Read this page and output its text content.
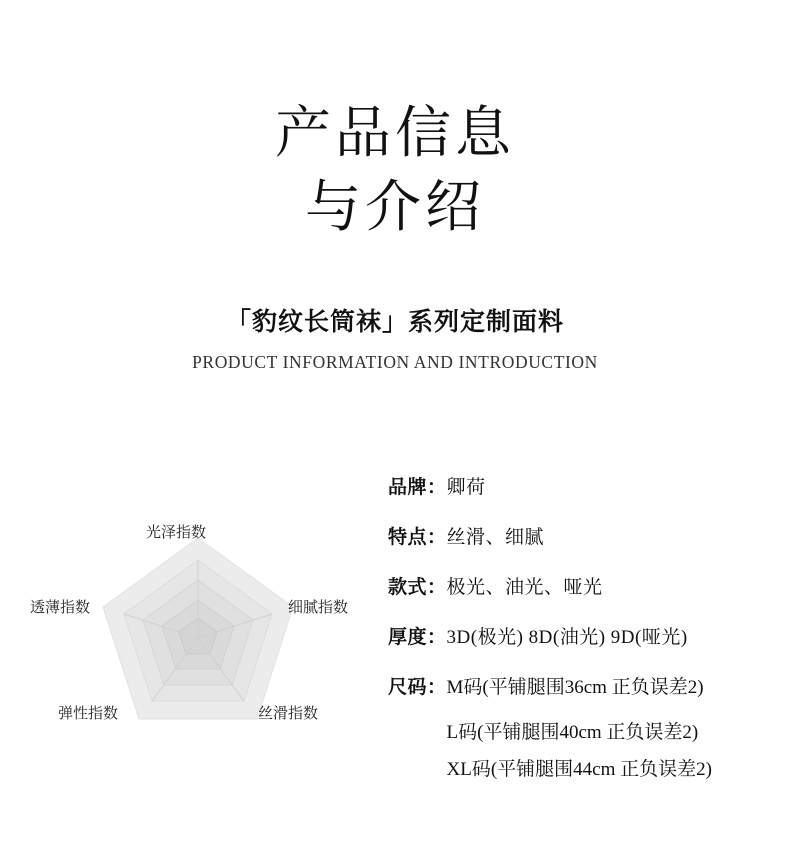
产品信息
与介绍
「豹纹长筒袜」系列定制面料
PRODUCT INFORMATION AND INTRODUCTION
光泽指数
透薄指数	细腻指数
弹性指数	丝滑指数
品牌： 卿荷
特点： 丝滑、细腻
款式： 极光、油光、哑光
厚度： 3D(极光) 8D(油光) 9D(哑光)
尺码： M码(平铺腿围36cm 正负误差2)
L码(平铺腿围40cm 正负误差2)
XL码(平铺腿围44cm 正负误差2)
